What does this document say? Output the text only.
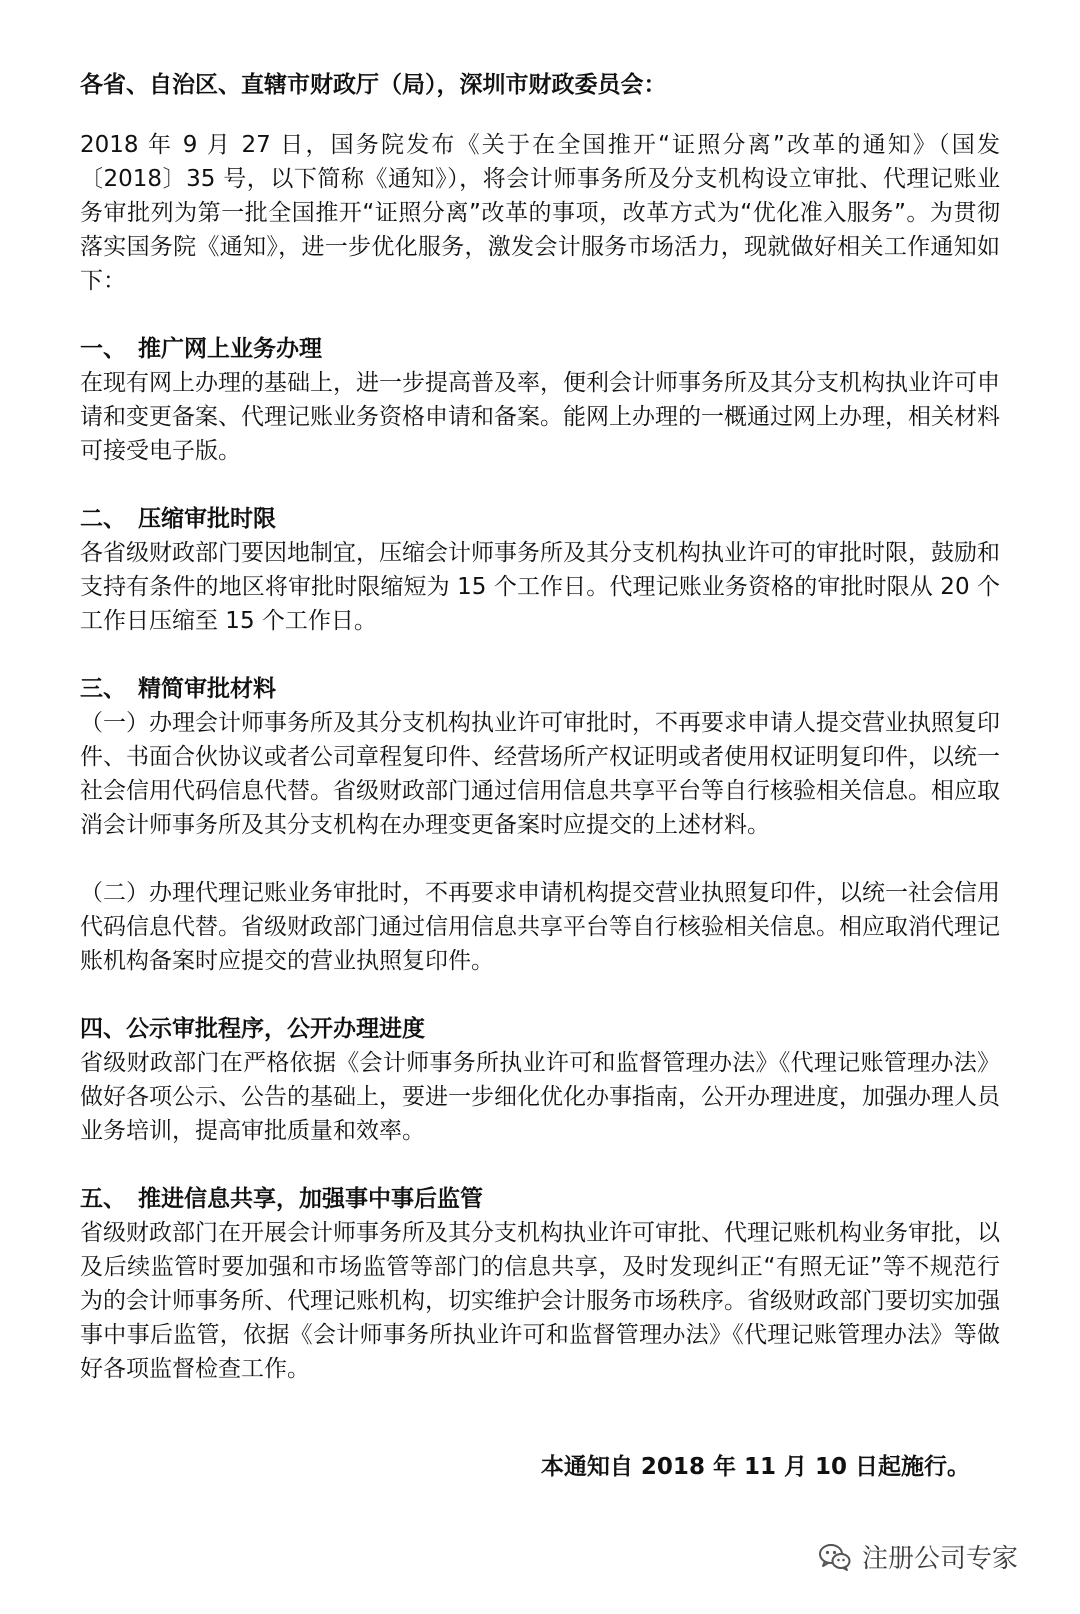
各省、自治区、直辖市财政厅（局），深圳市财政委员会：

2018 年 9 月 27 日，国务院发布《关于在全国推开“证照分离”改革的通知》（国发〔2018〕35 号，以下简称《通知》），将会计师事务所及分支机构设立审批、代理记账业务审批列为第一批全国推开“证照分离”改革的事项，改革方式为“优化准入服务”。为贯彻落实国务院《通知》，进一步优化服务，激发会计服务市场活力，现就做好相关工作通知如下：

一、 推广网上业务办理

在现有网上办理的基础上，进一步提高普及率，便利会计师事务所及其分支机构执业许可申请和变更备案、代理记账业务资格申请和备案。能网上办理的一概通过网上办理，相关材料可接受电子版。

二、 压缩审批时限

各省级财政部门要因地制宜，压缩会计师事务所及其分支机构执业许可的审批时限，鼓励和支持有条件的地区将审批时限缩短为 15 个工作日。代理记账业务资格的审批时限从 20 个工作日压缩至 15 个工作日。

三、 精简审批材料

（一）办理会计师事务所及其分支机构执业许可审批时，不再要求申请人提交营业执照复印件、书面合伙协议或者公司章程复印件、经营场所产权证明或者使用权证明复印件，以统一社会信用代码信息代替。省级财政部门通过信用信息共享平台等自行核验相关信息。相应取消会计师事务所及其分支机构在办理变更备案时应提交的上述材料。

（二）办理代理记账业务审批时，不再要求申请机构提交营业执照复印件，以统一社会信用代码信息代替。省级财政部门通过信用信息共享平台等自行核验相关信息。相应取消代理记账机构备案时应提交的营业执照复印件。

四、公示审批程序，公开办理进度

省级财政部门在严格依据《会计师事务所执业许可和监督管理办法》《代理记账管理办法》做好各项公示、公告的基础上，要进一步细化优化办事指南，公开办理进度，加强办理人员业务培训，提高审批质量和效率。

五、 推进信息共享，加强事中事后监管

省级财政部门在开展会计师事务所及其分支机构执业许可审批、代理记账机构业务审批，以及后续监管时要加强和市场监管等部门的信息共享，及时发现纠正“有照无证”等不规范行为的会计师事务所、代理记账机构，切实维护会计服务市场秩序。省级财政部门要切实加强事中事后监管，依据《会计师事务所执业许可和监督管理办法》《代理记账管理办法》等做好各项监督检查工作。

本通知自 2018 年 11 月 10 日起施行。
注册公司专家
